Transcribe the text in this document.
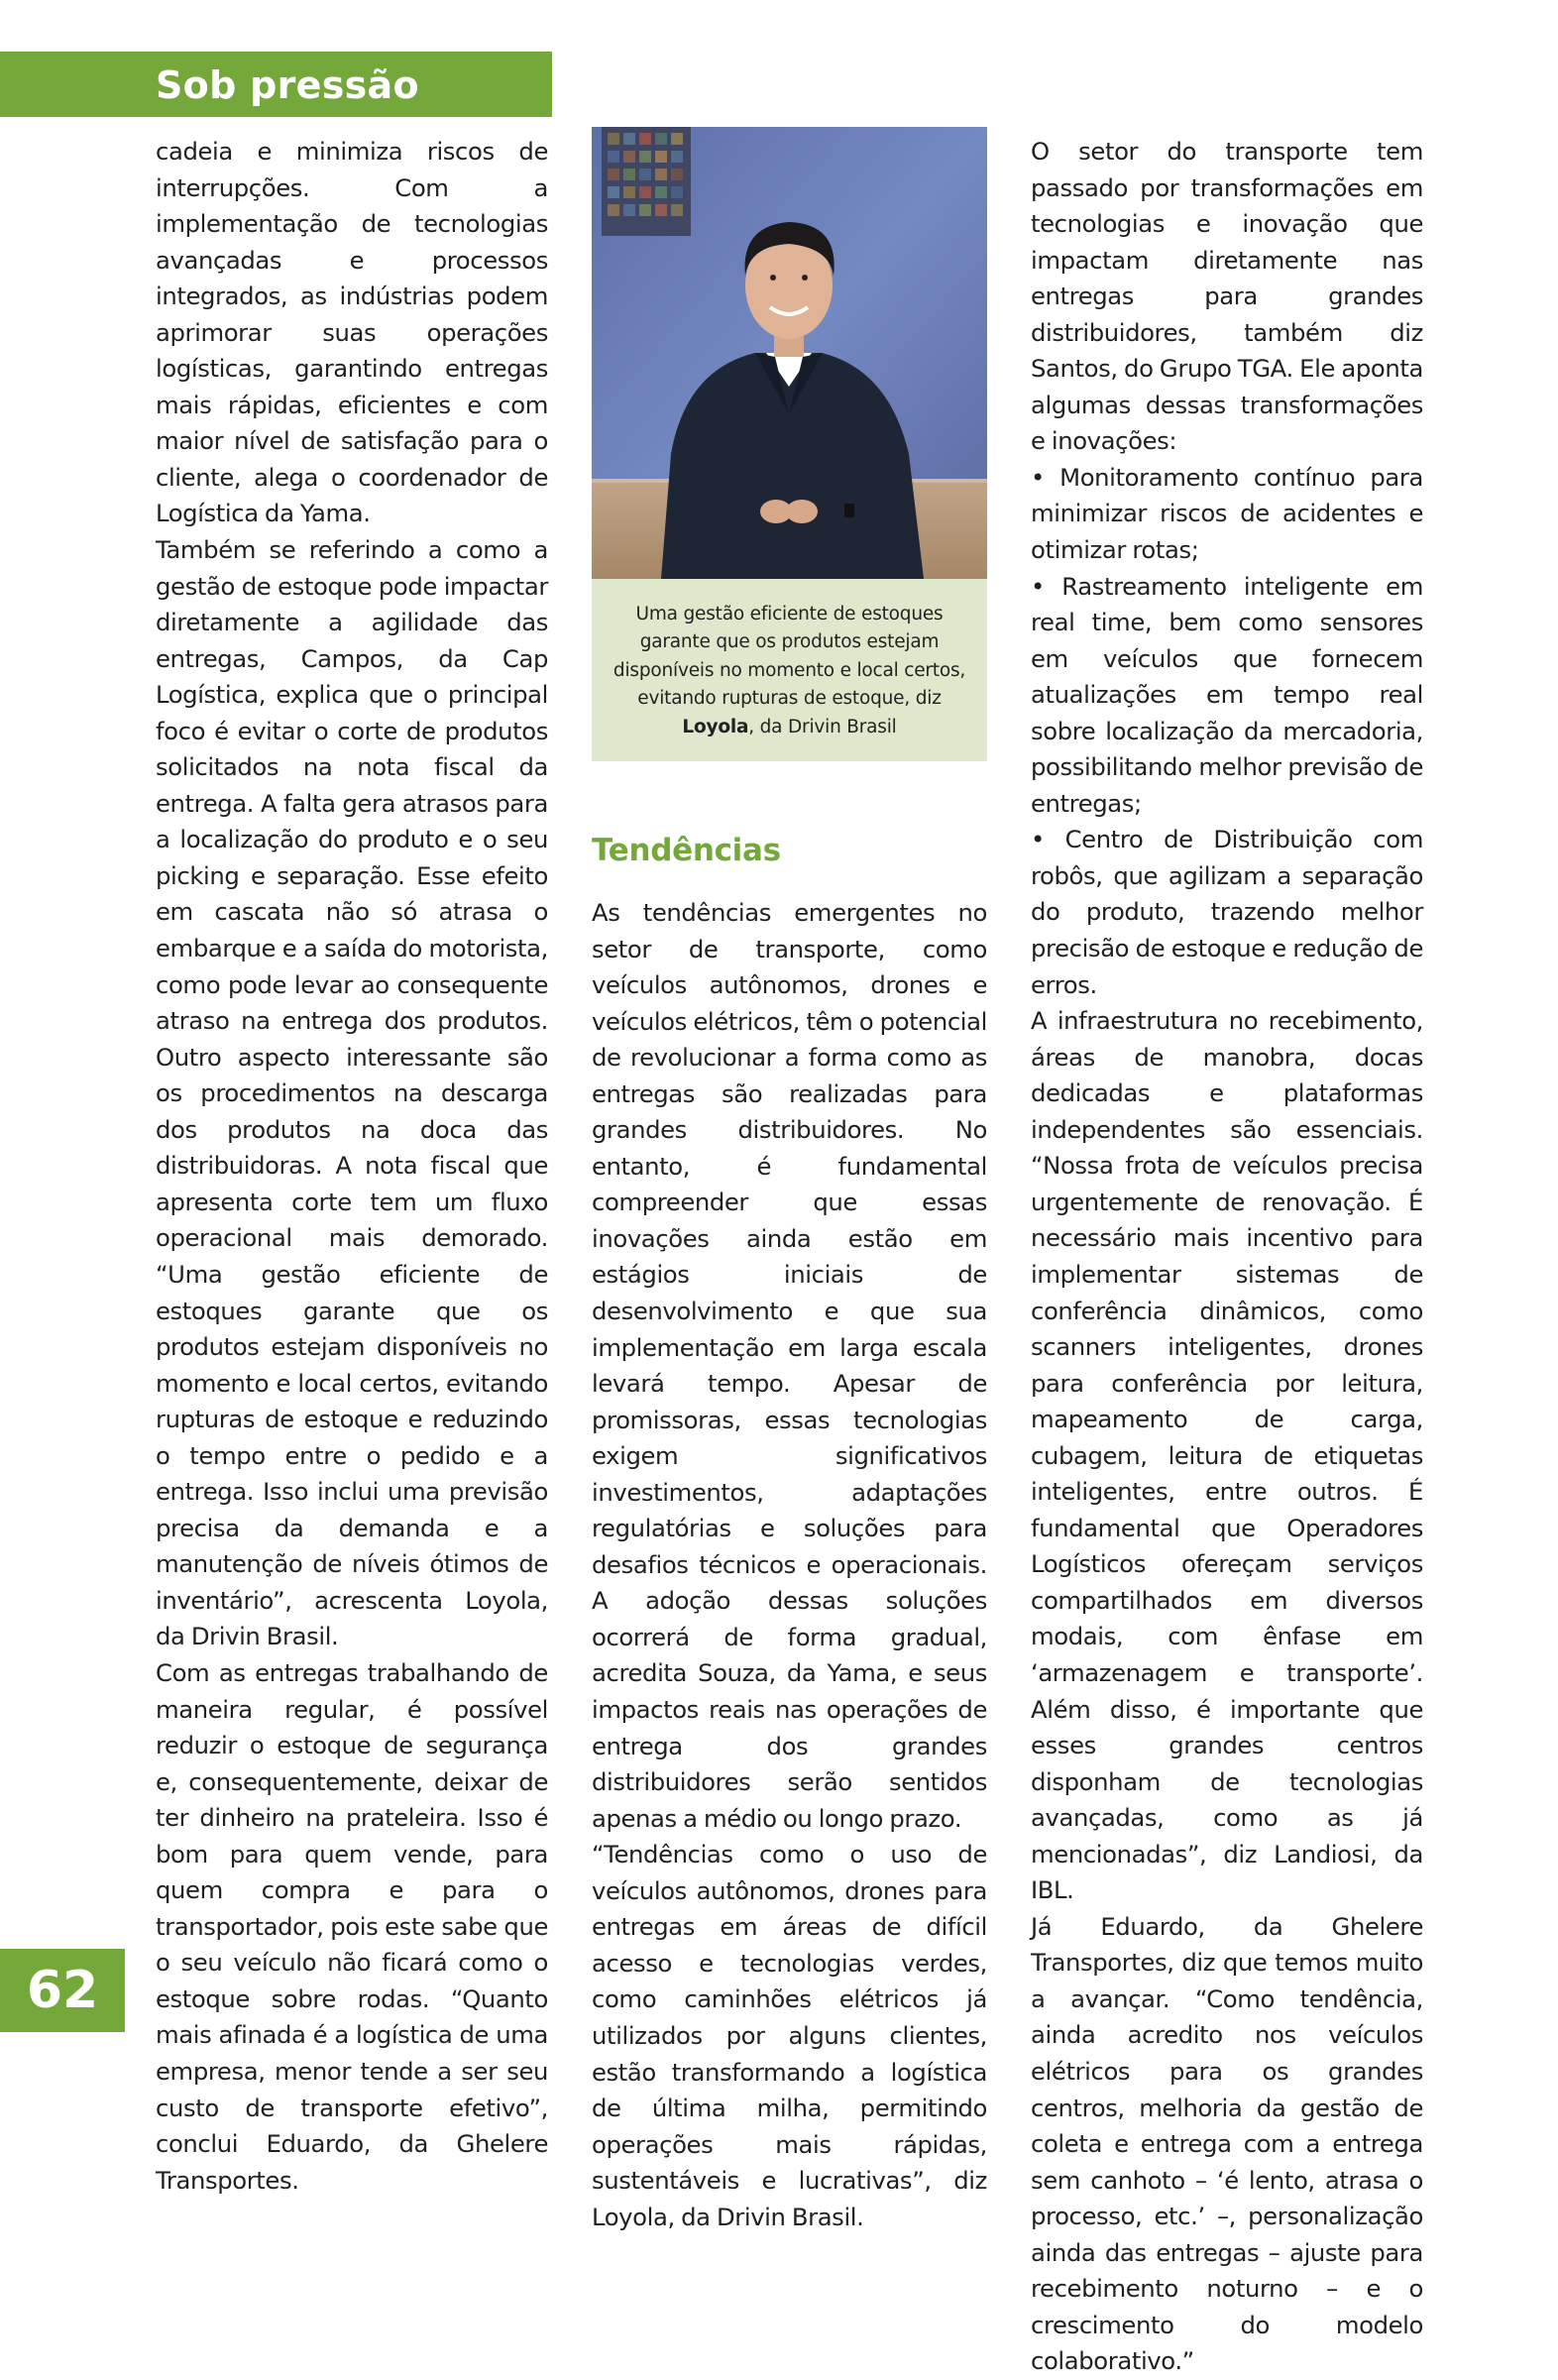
Sob pressão

cadeia e minimiza riscos de interrupções. Com a implementação de tecnologias avançadas e processos integrados, as indústrias podem aprimorar suas operações logísticas, garantindo entregas mais rápidas, eficientes e com maior nível de satisfação para o cliente, alega o coordenador de Logística da Yama.

Também se referindo a como a gestão de estoque pode impactar diretamente a agilidade das entregas, Campos, da Cap Logística, explica que o principal foco é evitar o corte de produtos solicitados na nota fiscal da entrega. A falta gera atrasos para a localização do produto e o seu picking e separação. Esse efeito em cascata não só atrasa o embarque e a saída do motorista, como pode levar ao consequente atraso na entrega dos produtos. Outro aspecto interessante são os procedimentos na descarga dos produtos na doca das distribuidoras. A nota fiscal que apresenta corte tem um fluxo operacional mais demorado. “Uma gestão eficiente de estoques garante que os produtos estejam disponíveis no momento e local certos, evitando rupturas de estoque e reduzindo o tempo entre o pedido e a entrega. Isso inclui uma previsão precisa da demanda e a manutenção de níveis ótimos de inventário”, acrescenta Loyola, da Drivin Brasil.

Com as entregas trabalhando de maneira regular, é possível reduzir o estoque de segurança e, consequentemente, deixar de ter dinheiro na prateleira. Isso é bom para quem vende, para quem compra e para o transportador, pois este sabe que o seu veículo não ficará como o estoque sobre rodas. “Quanto mais afinada é a logística de uma empresa, menor tende a ser seu custo de transporte efetivo”, conclui Eduardo, da Ghelere Transportes.

Uma gestão eficiente de estoques garante que os produtos estejam disponíveis no momento e local certos, evitando rupturas de estoque, diz Loyola, da Drivin Brasil
Tendências

As tendências emergentes no setor de transporte, como veículos autônomos, drones e veículos elétricos, têm o potencial de revolucionar a forma como as entregas são realizadas para grandes distribuidores. No entanto, é fundamental compreender que essas inovações ainda estão em estágios iniciais de desenvolvimento e que sua implementação em larga escala levará tempo. Apesar de promissoras, essas tecnologias exigem significativos investimentos, adaptações regulatórias e soluções para desafios técnicos e operacionais. A adoção dessas soluções ocorrerá de forma gradual, acredita Souza, da Yama, e seus impactos reais nas operações de entrega dos grandes distribuidores serão sentidos apenas a médio ou longo prazo.

“Tendências como o uso de veículos autônomos, drones para entregas em áreas de difícil acesso e tecnologias verdes, como caminhões elétricos já utilizados por alguns clientes, estão transformando a logística de última milha, permitindo operações mais rápidas, sustentáveis e lucrativas”, diz Loyola, da Drivin Brasil.

O setor do transporte tem passado por transformações em tecnologias e inovação que impactam diretamente nas entregas para grandes distribuidores, também diz Santos, do Grupo TGA. Ele aponta algumas dessas transformações e inovações:

• Monitoramento contínuo para minimizar riscos de acidentes e otimizar rotas;

• Rastreamento inteligente em real time, bem como sensores em veículos que fornecem atualizações em tempo real sobre localização da mercadoria, possibilitando melhor previsão de entregas;

• Centro de Distribuição com robôs, que agilizam a separação do produto, trazendo melhor precisão de estoque e redução de erros.

A infraestrutura no recebimento, áreas de manobra, docas dedicadas e plataformas independentes são essenciais. “Nossa frota de veículos precisa urgentemente de renovação. É necessário mais incentivo para implementar sistemas de conferência dinâmicos, como scanners inteligentes, drones para conferência por leitura, mapeamento de carga, cubagem, leitura de etiquetas inteligentes, entre outros. É fundamental que Operadores Logísticos ofereçam serviços compartilhados em diversos modais, com ênfase em ‘armazenagem e transporte’. Além disso, é importante que esses grandes centros disponham de tecnologias avançadas, como as já mencionadas”, diz Landiosi, da IBL.

Já Eduardo, da Ghelere Transportes, diz que temos muito a avançar. “Como tendência, ainda acredito nos veículos elétricos para os grandes centros, melhoria da gestão de coleta e entrega com a entrega sem canhoto – ‘é lento, atrasa o processo, etc.’ –, personalização ainda das entregas – ajuste para recebimento noturno – e o crescimento do modelo colaborativo.”

62
